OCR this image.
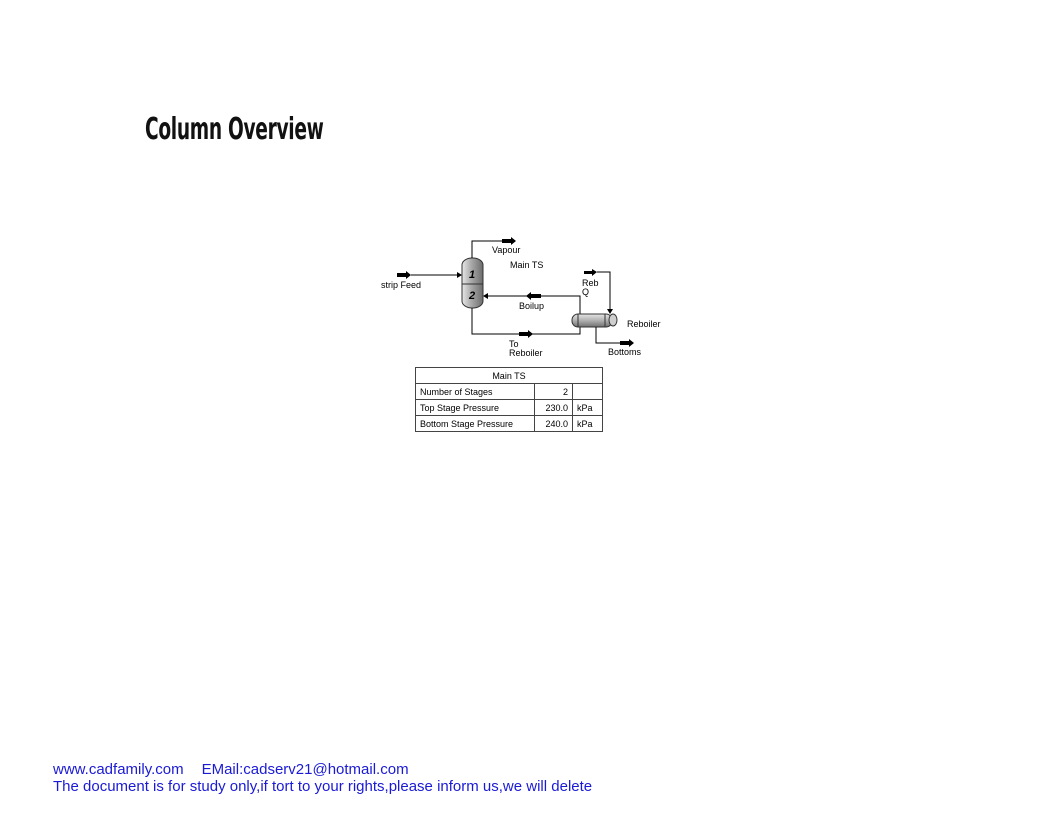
Column Overview
1
2
Main TS
Vapour
strip Feed
Boilup
To
Reboiler
Reboiler
Reb
Q
Bottoms
Main TS		
Number of Stages	2	
Top Stage Pressure	230.0	kPa
Bottom Stage Pressure	240.0	kPa
www.cadfamily.com EMail:cadserv21@hotmail.com
The document is for study only,if tort to your rights,please inform us,we will delete
